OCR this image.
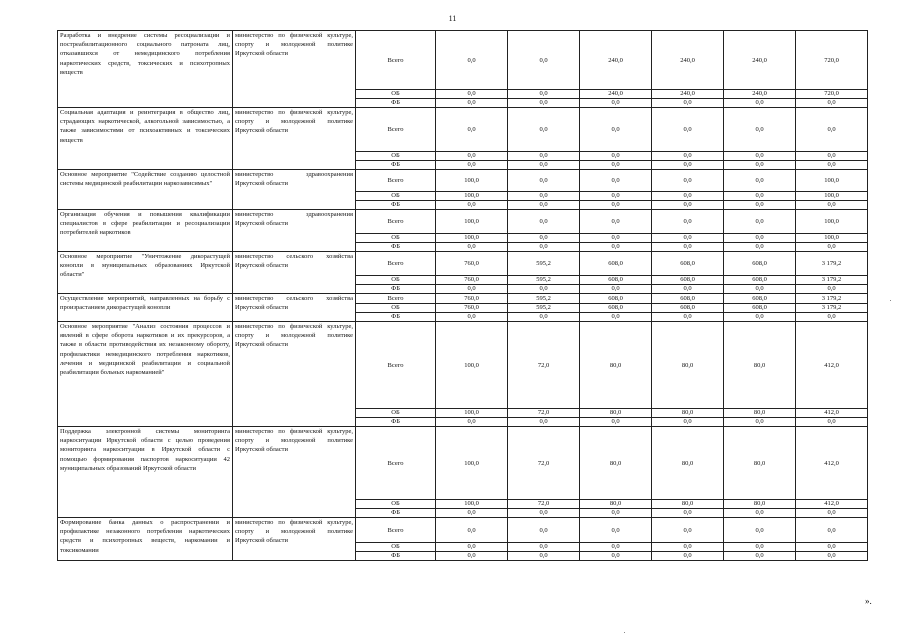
11
Разработка и внедрение системы ресоциализации и постреабилитационного социального патроната лиц, отказавшихся от немедицинского потребления наркотических средств, токсических и психотропных веществ	министерство по физической культуре, спорту и молодежной политике Иркутской области	Всего	0,0	0,0	240,0	240,0	240,0	720,0
		ОБ	0,0	0,0	240,0	240,0	240,0	720,0
		ФБ	0,0	0,0	0,0	0,0	0,0	0,0
Социальная адаптация и реинтеграция в общество лиц, страдающих наркотической, алкогольной зависимостью, а также зависимостями от психоактивных и токсических веществ	министерство по физической культуре, спорту и молодежной политике Иркутской области	Всего	0,0	0,0	0,0	0,0	0,0	0,0
		ОБ	0,0	0,0	0,0	0,0	0,0	0,0
		ФБ	0,0	0,0	0,0	0,0	0,0	0,0
Основное мероприятие "Содействие созданию целостной системы медицинской реабилитации наркозависимых"	министерство здравоохранения Иркутской области	Всего	100,0	0,0	0,0	0,0	0,0	100,0
		ОБ	100,0	0,0	0,0	0,0	0,0	100,0
		ФБ	0,0	0,0	0,0	0,0	0,0	0,0
Организация обучения и повышения квалификации специалистов в сфере реабилитации и ресоциализации потребителей наркотиков	министерство здравоохранения Иркутской области	Всего	100,0	0,0	0,0	0,0	0,0	100,0
		ОБ	100,0	0,0	0,0	0,0	0,0	100,0
		ФБ	0,0	0,0	0,0	0,0	0,0	0,0
Основное мероприятие "Уничтожение дикорастущей конопли в муниципальных образованиях Иркутской области"	министерство сельского хозяйства Иркутской области	Всего	760,0	595,2	608,0	608,0	608,0	3 179,2
		ОБ	760,0	595,2	608,0	608,0	608,0	3 179,2
		ФБ	0,0	0,0	0,0	0,0	0,0	0,0
Осуществление мероприятий, направленных на борьбу с произрастанием дикорастущей конопли	министерство сельского хозяйства Иркутской области	Всего	760,0	595,2	608,0	608,0	608,0	3 179,2
		ОБ	760,0	595,2	608,0	608,0	608,0	3 179,2
		ФБ	0,0	0,0	0,0	0,0	0,0	0,0
Основное мероприятие "Анализ состояния процессов и явлений в сфере оборота наркотиков и их прекурсоров, а также в области противодействия их незаконному обороту, профилактики немедицинского потребления наркотиков, лечения и медицинской реабилитации и социальной реабилитации больных наркоманией"	министерство по физической культуре, спорту и молодежной политике Иркутской области	Всего	100,0	72,0	80,0	80,0	80,0	412,0
		ОБ	100,0	72,0	80,0	80,0	80,0	412,0
		ФБ	0,0	0,0	0,0	0,0	0,0	0,0
Поддержка электронной системы мониторинга наркоситуации Иркутской области с целью проведения мониторинга наркоситуации в Иркутской области с помощью формирования паспортов наркоситуации 42 муниципальных образований Иркутской области	министерство по физической культуре, спорту и молодежной политике Иркутской области	Всего	100,0	72,0	80,0	80,0	80,0	412,0
		ОБ	100,0	72,0	80,0	80,0	80,0	412,0
		ФБ	0,0	0,0	0,0	0,0	0,0	0,0
Формирование банка данных о распространении и профилактике незаконного потребления наркотических средств и психотропных веществ, наркомании и токсикомании	министерство по физической культуре, спорту и молодежной политике Иркутской области	Всего	0,0	0,0	0,0	0,0	0,0	0,0
		ОБ	0,0	0,0	0,0	0,0	0,0	0,0
		ФБ	0,0	0,0	0,0	0,0	0,0	0,0
».
